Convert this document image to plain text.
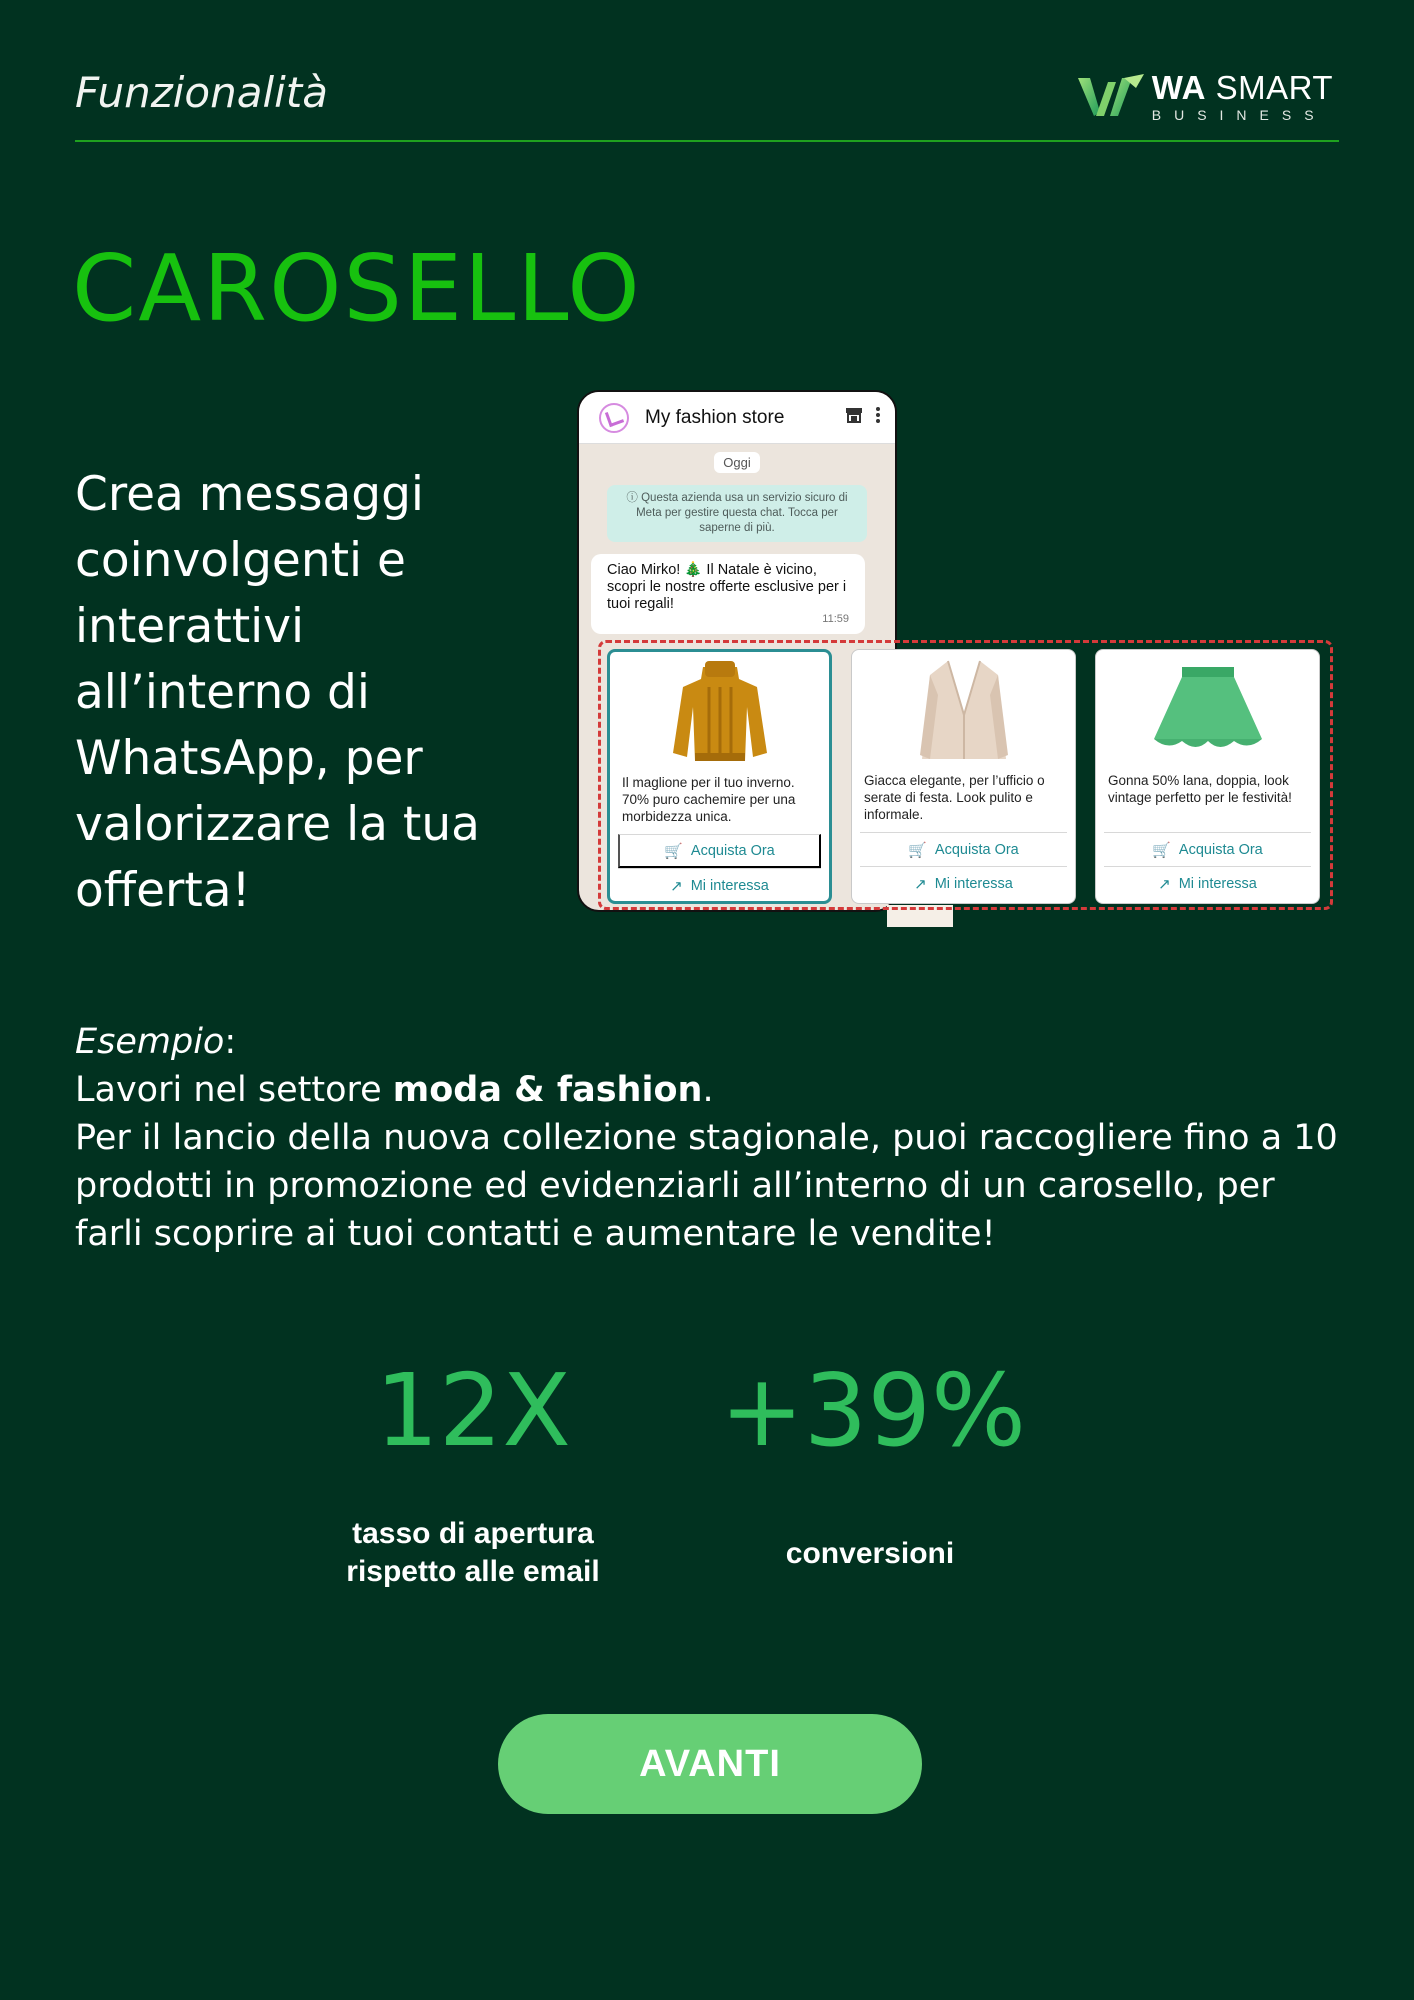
Funzionalità	WA SMART
BUSINESS
CAROSELLO
Crea messaggi coinvolgenti e interattivi all’interno di WhatsApp, per valorizzare la tua offerta!
My fashion store
Oggi
ⓘ Questa azienda usa un servizio sicuro di Meta per gestire questa chat. Tocca per saperne di più.
Ciao Mirko! 🎄 Il Natale è vicino, scopri le nostre offerte esclusive per i tuoi regali!
11:59
Il maglione per il tuo inverno. 70% puro cachemire per una morbidezza unica.
🛒 Acquista Ora
↗ Mi interessa
Giacca elegante, per l’ufficio o serate di festa. Look pulito e informale.
🛒 Acquista Ora
↗ Mi interessa
Gonna 50% lana, doppia, look vintage perfetto per le festività!
🛒 Acquista Ora
↗ Mi interessa
Esempio:
Lavori nel settore moda & fashion.
Per il lancio della nuova collezione stagionale, puoi raccogliere fino a 10 prodotti in promozione ed evidenziarli all’interno di un carosello, per farli scoprire ai tuoi contatti e aumentare le vendite!
12X
tasso di apertura
rispetto alle email
+39%
conversioni
AVANTI
